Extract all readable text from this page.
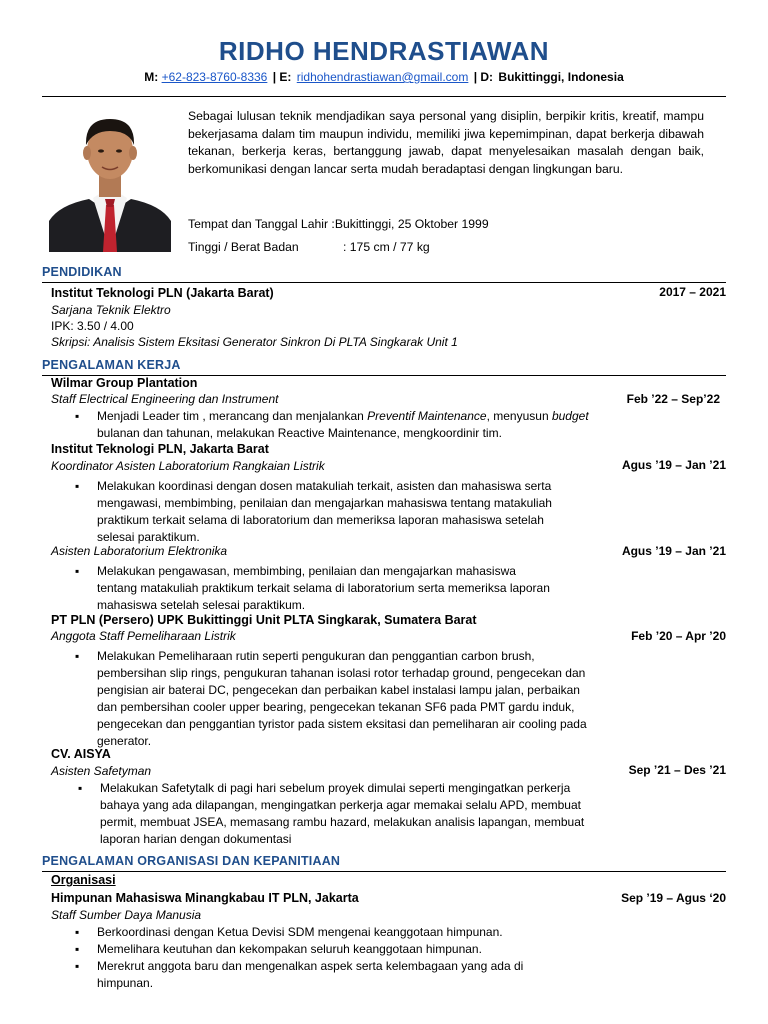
RIDHO HENDRASTIAWAN
M: +62-823-8760-8336 | E: ridhohendrastiawan@gmail.com | D: Bukittinggi, Indonesia
Sebagai lulusan teknik mendjadikan saya personal yang disiplin, berpikir kritis, kreatif, mampu bekerjasama dalam tim maupun individu, memiliki jiwa kepemimpinan, dapat berkerja dibawah tekanan, berkerja keras, bertanggung jawab, dapat menyelesaikan masalah dengan baik, berkomunikasi dengan lancar serta mudah beradaptasi dengan lingkungan baru.
Tempat dan Tanggal Lahir :Bukittinggi, 25 Oktober 1999
Tinggi / Berat Badan	: 175 cm / 77 kg
PENDIDIKAN
Institut Teknologi PLN (Jakarta Barat)	2017 – 2021
Sarjana Teknik Elektro
IPK: 3.50 / 4.00
Skripsi: Analisis Sistem Eksitasi Generator Sinkron Di PLTA Singkarak Unit 1
PENGALAMAN KERJA
Wilmar Group Plantation
Staff Electrical Engineering dan Instrument	Feb ’22 – Sep’22
▪ Menjadi Leader tim , merancang dan menjalankan Preventif Maintenance, menyusun budget bulanan dan tahunan, melakukan Reactive Maintenance, mengkoordinir tim.
Institut Teknologi PLN, Jakarta Barat
Koordinator Asisten Laboratorium Rangkaian Listrik	Agus ’19 – Jan ’21
▪ Melakukan koordinasi dengan dosen matakuliah terkait, asisten dan mahasiswa serta mengawasi, membimbing, penilaian dan mengajarkan mahasiswa tentang matakuliah praktikum terkait selama di laboratorium dan memeriksa laporan mahasiswa setelah selesai paraktikum.
Asisten Laboratorium Elektronika	Agus ’19 – Jan ’21
▪ Melakukan pengawasan, membimbing, penilaian dan mengajarkan mahasiswa tentang matakuliah praktikum terkait selama di laboratorium serta memeriksa laporan mahasiswa setelah selesai paraktikum.
PT PLN (Persero) UPK Bukittinggi Unit PLTA Singkarak, Sumatera Barat
Anggota Staff Pemeliharaan Listrik	Feb ’20 – Apr ’20
▪ Melakukan Pemeliharaan rutin seperti pengukuran dan penggantian carbon brush, pembersihan slip rings, pengukuran tahanan isolasi rotor terhadap ground, pengecekan dan pengisian air baterai DC, pengecekan dan perbaikan kabel instalasi lampu jalan, perbaikan dan pembersihan cooler upper bearing, pengecekan tekanan SF6 pada PMT gardu induk, pengecekan dan penggantian tyristor pada sistem eksitasi dan pemeliharan air cooling pada generator.
CV. AISYA
Asisten Safetyman	Sep ’21 – Des ’21
▪ Melakukan Safetytalk di pagi hari sebelum proyek dimulai seperti mengingatkan perkerja bahaya yang ada dilapangan, mengingatkan perkerja agar memakai selalu APD, membuat permit, membuat JSEA, memasang rambu hazard, melakukan analisis lapangan, membuat laporan harian dengan dokumentasi
PENGALAMAN ORGANISASI DAN KEPANITIAAN
Organisasi
Himpunan Mahasiswa Minangkabau IT PLN, Jakarta	Sep ’19 – Agus ‘20
Staff Sumber Daya Manusia
▪ Berkoordinasi dengan Ketua Devisi SDM mengenai keanggotaan himpunan.
▪ Memelihara keutuhan dan kekompakan seluruh keanggotaan himpunan.
▪ Merekrut anggota baru dan mengenalkan aspek serta kelembagaan yang ada di himpunan.
